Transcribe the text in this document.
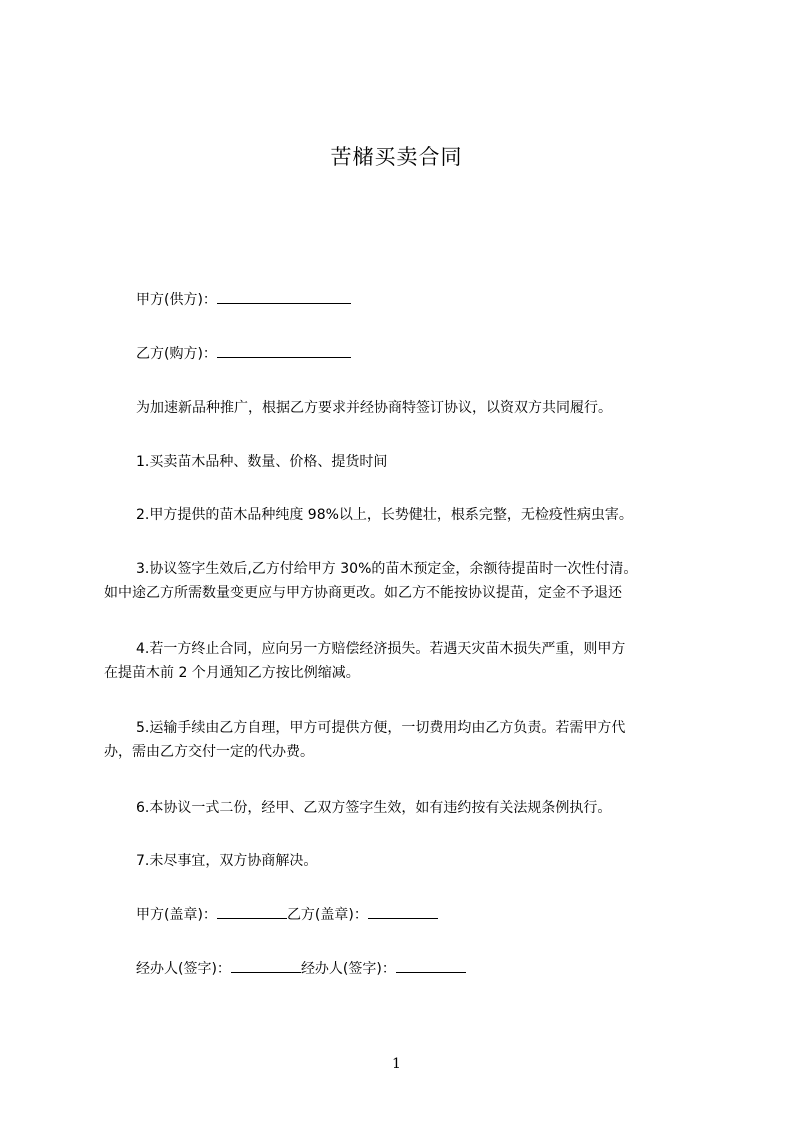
苦槠买卖合同
甲方(供方)：
乙方(购方)：
为加速新品种推广，根据乙方要求并经协商特签订协议，以资双方共同履行。
1.买卖苗木品种、数量、价格、提货时间
2.甲方提供的苗木品种纯度 98%以上，长势健壮，根系完整，无检疫性病虫害。
3.协议签字生效后,乙方付给甲方 30%的苗木预定金，余额待提苗时一次性付清。
如中途乙方所需数量变更应与甲方协商更改。如乙方不能按协议提苗，定金不予退还
4.若一方终止合同，应向另一方赔偿经济损失。若遇天灾苗木损失严重，则甲方
在提苗木前 2 个月通知乙方按比例缩减。
5.运输手续由乙方自理，甲方可提供方便，一切费用均由乙方负责。若需甲方代
办，需由乙方交付一定的代办费。
6.本协议一式二份，经甲、乙双方签字生效，如有违约按有关法规条例执行。
7.未尽事宜，双方协商解决。
甲方(盖章)：	乙方(盖章)：
经办人(签字)：	经办人(签字)：
1
